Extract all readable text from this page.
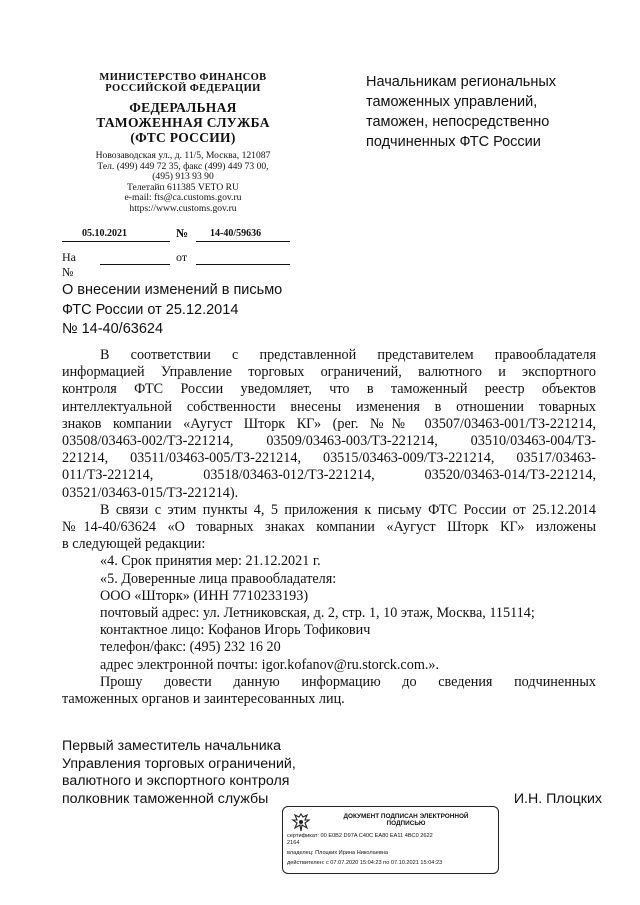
МИНИСТЕРСТВО ФИНАНСОВ
РОССИЙСКОЙ ФЕДЕРАЦИИ
ФЕДЕРАЛЬНАЯ
ТАМОЖЕННАЯ СЛУЖБА
(ФТС РОССИИ)
Новозаводская ул., д. 11/5, Москва, 121087
Тел. (499) 449 72 35, факс (499) 449 73 00,
(495) 913 93 90
Телетайп 611385 VETO RU
e-mail: fts@ca.customs.gov.ru
https://www.customs.gov.ru
Начальникам региональных
таможенных управлений,
таможен, непосредственно
подчиненных ФТС России
05.10.2021	№ 14-40/59636
На №
от
О внесении изменений в письмо
ФТС России от 25.12.2014
№ 14-40/63624

В соответствии с представленной представителем правообладателя

информацией Управление торговых ограничений, валютного и экспортного

контроля ФТС России уведомляет, что в таможенный реестр объектов

интеллектуальной собственности внесены изменения в отношении товарных

знаков компании «Аугуст Шторк КГ» (рег. №№ 03507/03463-001/ТЗ-221214,

03508/03463-002/ТЗ-221214, 03509/03463-003/ТЗ-221214, 03510/03463-004/ТЗ-

221214, 03511/03463-005/ТЗ-221214, 03515/03463-009/ТЗ-221214, 03517/03463-

011/ТЗ-221214, 03518/03463-012/ТЗ-221214, 03520/03463-014/ТЗ-221214,

03521/03463-015/ТЗ-221214).

В связи с этим пункты 4, 5 приложения к письму ФТС России от 25.12.2014

№14-40/63624 «О товарных знаках компании «Аугуст Шторк КГ» изложены

в следующей редакции:

«4. Срок принятия мер: 21.12.2021 г.

«5. Доверенные лица правообладателя:

ООО «Шторк» (ИНН 7710233193)

почтовый адрес: ул. Летниковская, д. 2, стр. 1, 10 этаж, Москва, 115114;

контактное лицо: Кофанов Игорь Тофикович

телефон/факс: (495) 232 16 20

адрес электронной почты: igor.kofanov@ru.storck.com.».

Прошу довести данную информацию до сведения подчиненных

таможенных органов и заинтересованных лиц.

Первый заместитель начальника
Управления торговых ограничений,
валютного и экспортного контроля
полковник таможенной службы	И.Н. Плоцких
ДОКУМЕНТ ПОДПИСАН ЭЛЕКТРОННОЙ
ПОДПИСЬЮ
сертификат: 00 E0B2 D97A C40C EA80 EA11 4BC0 2622
2164
владелец: Плоцких Ирина Николаевна
действителен: с 07.07.2020 15:04:23 по 07.10.2021 15:04:23
